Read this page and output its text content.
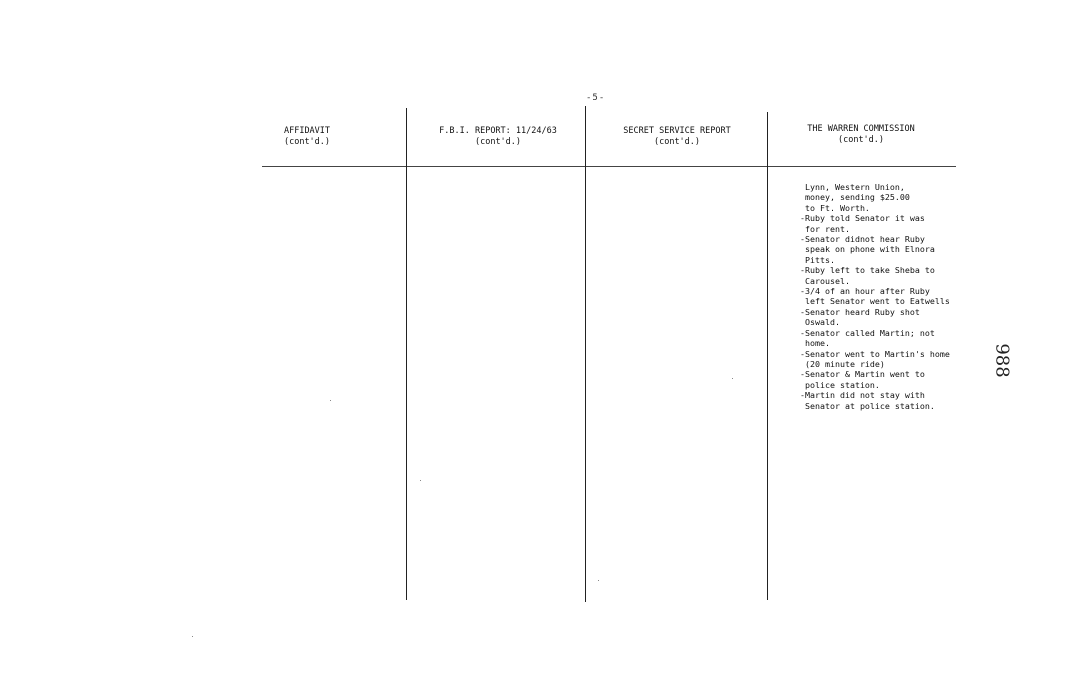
-5-
AFFIDAVIT
(cont'd.)
F.B.I. REPORT: 11/24/63
(cont'd.)
SECRET SERVICE REPORT
(cont'd.)
THE WARREN COMMISSION
(cont'd.)
Lynn, Western Union,
money, sending $25.00
to Ft. Worth.
-Ruby told Senator it was
for rent.
-Senator didnot hear Ruby
speak on phone with Elnora
Pitts.
-Ruby left to take Sheba to
Carousel.
-3/4 of an hour after Ruby
left Senator went to Eatwells
-Senator heard Ruby shot
Oswald.
-Senator called Martin; not
home.
-Senator went to Martin's home
(20 minute ride)
-Senator & Martin went to
police station.
-Martin did not stay with
Senator at police station.
988
